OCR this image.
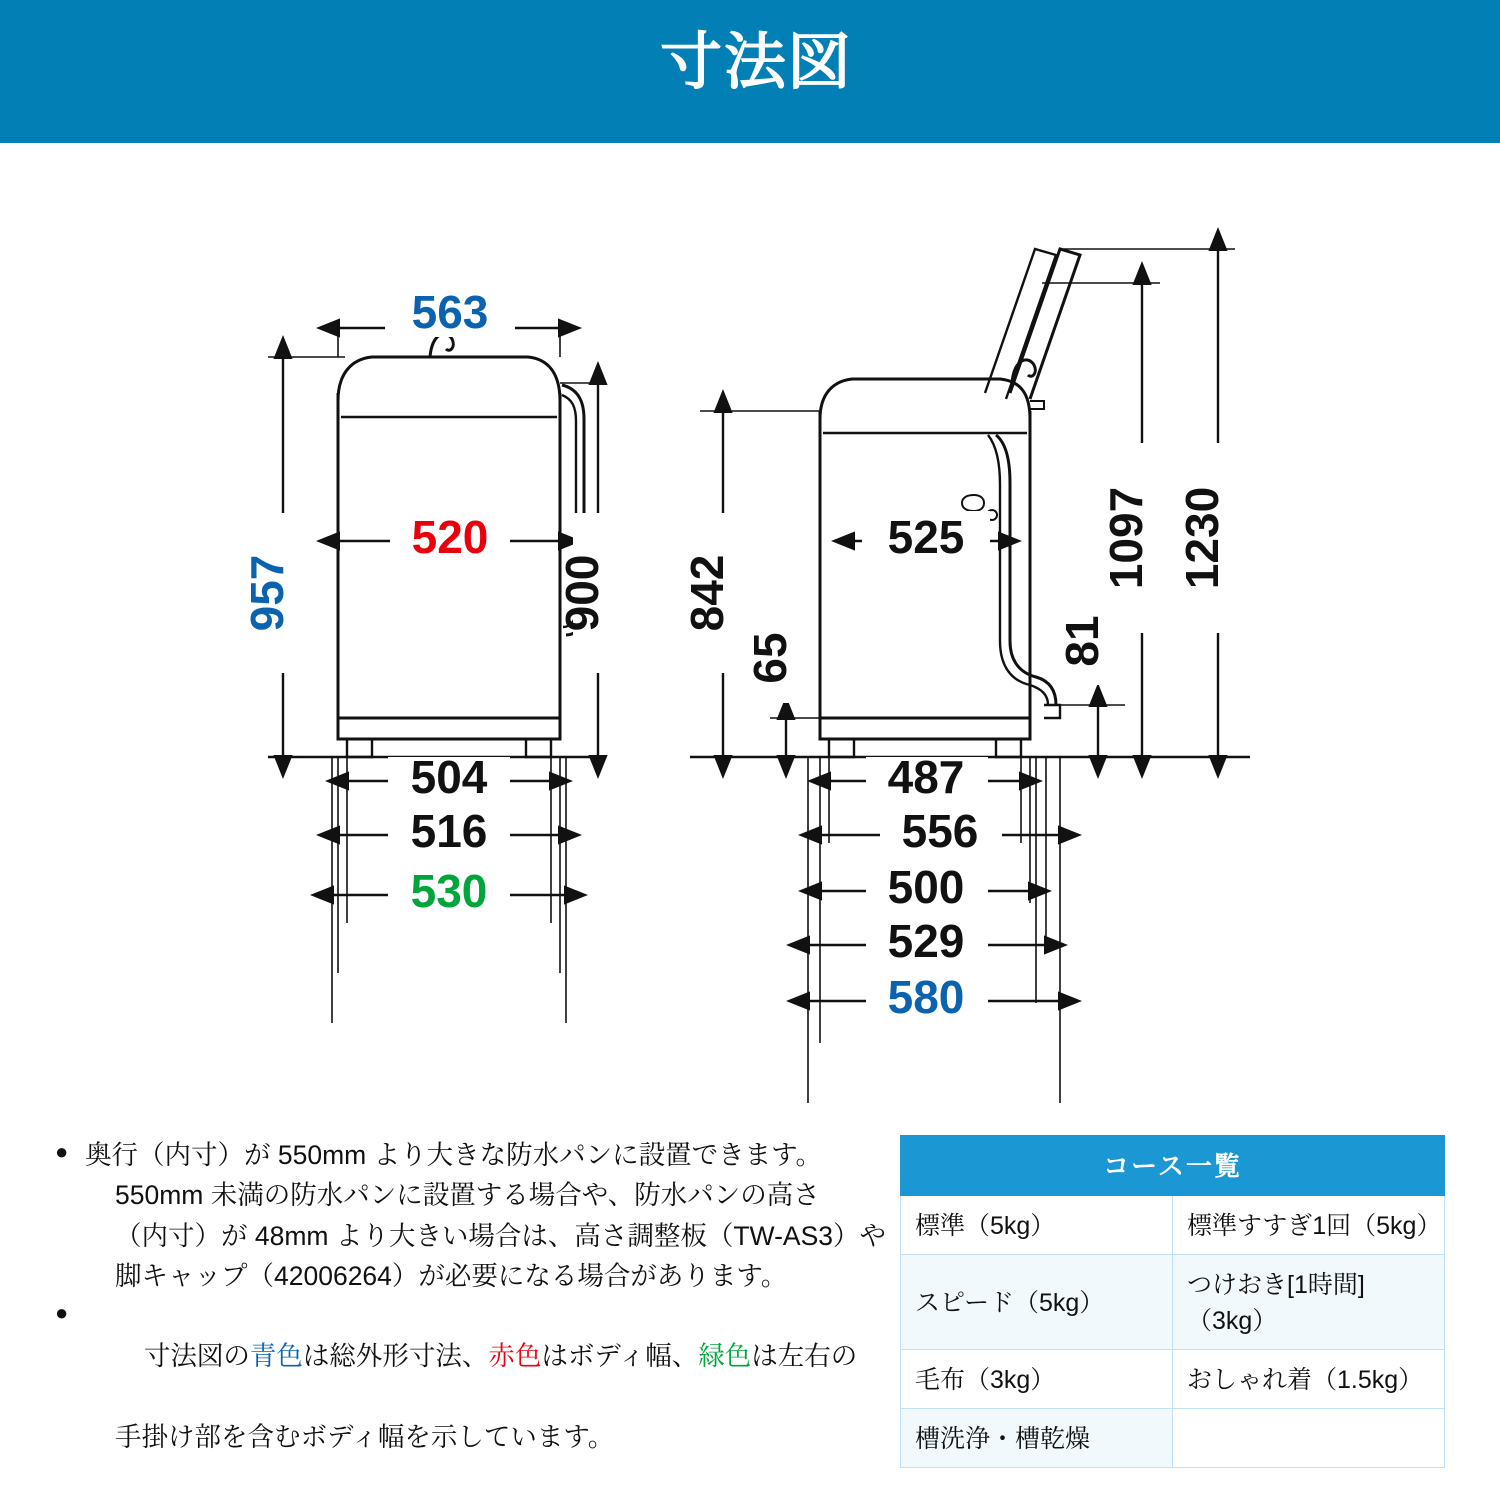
寸法図
563
957
520
900
504
516
530
842
65
525
81
1097 1230
487
556
500
529
580
● 奥行（内寸）が 550mm より大きな防水パンに設置できます。
550mm 未満の防水パンに設置する場合や、防水パンの高さ
（内寸）が 48mm より大きい場合は、高さ調整板（TW-AS3）や
脚キャップ（42006264）が必要になる場合があります。

● 寸法図の青色は総外形寸法、赤色はボディ幅、緑色は左右の

手掛け部を含むボディ幅を示しています。
コース一覧	
標準（5kg）	標準すすぎ1回（5kg）
スピード（5kg）	つけおき[1時間]（3kg）
毛布（3kg）	おしゃれ着（1.5kg）
槽洗浄・槽乾燥	
